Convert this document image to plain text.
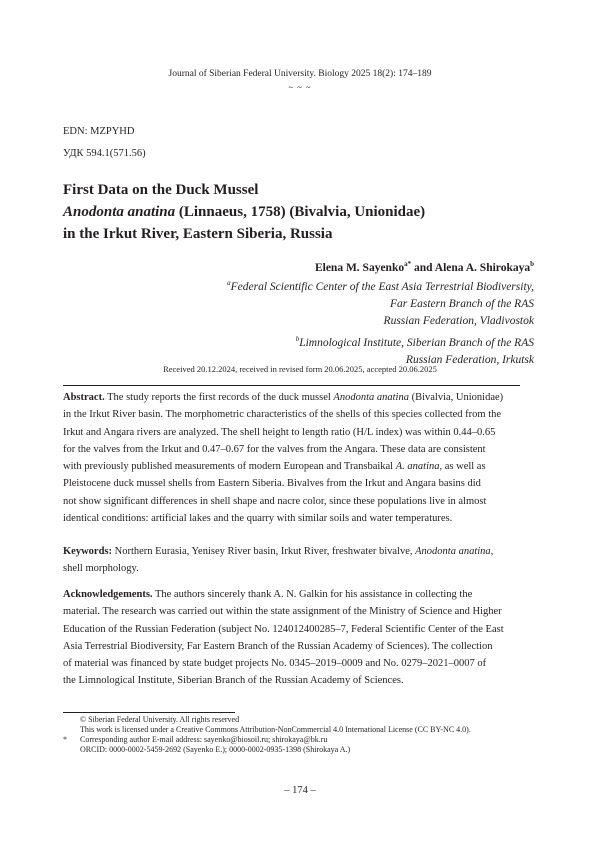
Journal of Siberian Federal University. Biology 2025 18(2): 174–189
~ ~ ~
EDN: MZPYHD
УДК 594.1(571.56)
First Data on the Duck Mussel
Anodonta anatina (Linnaeus, 1758) (Bivalvia, Unionidae)
in the Irkut River, Eastern Siberia, Russia
Elena M. Sayenko$^{a*}$ and Alena A. Shirokaya$^b$
$^a$Federal Scientific Center of the East Asia Terrestrial Biodiversity,
Far Eastern Branch of the RAS
Russian Federation, Vladivostok
$^b$Limnological Institute, Siberian Branch of the RAS
Russian Federation, Irkutsk
Received 20.12.2024, received in revised form 20.06.2025, accepted 20.06.2025
Abstract. The study reports the first records of the duck mussel Anodonta anatina (Bivalvia, Unionidae)
in the Irkut River basin. The morphometric characteristics of the shells of this species collected from the
Irkut and Angara rivers are analyzed. The shell height to length ratio (H/L index) was within 0.44–0.65
for the valves from the Irkut and 0.47–0.67 for the valves from the Angara. These data are consistent
with previously published measurements of modern European and Transbaikal A. anatina, as well as
Pleistocene duck mussel shells from Eastern Siberia. Bivalves from the Irkut and Angara basins did
not show significant differences in shell shape and nacre color, since these populations live in almost
identical conditions: artificial lakes and the quarry with similar soils and water temperatures.
Keywords: Northern Eurasia, Yenisey River basin, Irkut River, freshwater bivalve, Anodonta anatina,
shell morphology.
Acknowledgements. The authors sincerely thank A. N. Galkin for his assistance in collecting the
material. The research was carried out within the state assignment of the Ministry of Science and Higher
Education of the Russian Federation (subject No. 124012400285–7, Federal Scientific Center of the East
Asia Terrestrial Biodiversity, Far Eastern Branch of the Russian Academy of Sciences). The collection
of material was financed by state budget projects No. 0345–2019–0009 and No. 0279–2021–0007 of
the Limnological Institute, Siberian Branch of the Russian Academy of Sciences.
© Siberian Federal University. All rights reserved
This work is licensed under a Creative Commons Attribution-NonCommercial 4.0 International License (CC BY-NC 4.0).
*	Corresponding author E-mail address: sayenko@biosoil.ru; shirokaya@bk.ru
ORCID: 0000-0002-5459-2692 (Sayenko E.); 0000-0002-0935-1398 (Shirokaya A.)
– 174 –
